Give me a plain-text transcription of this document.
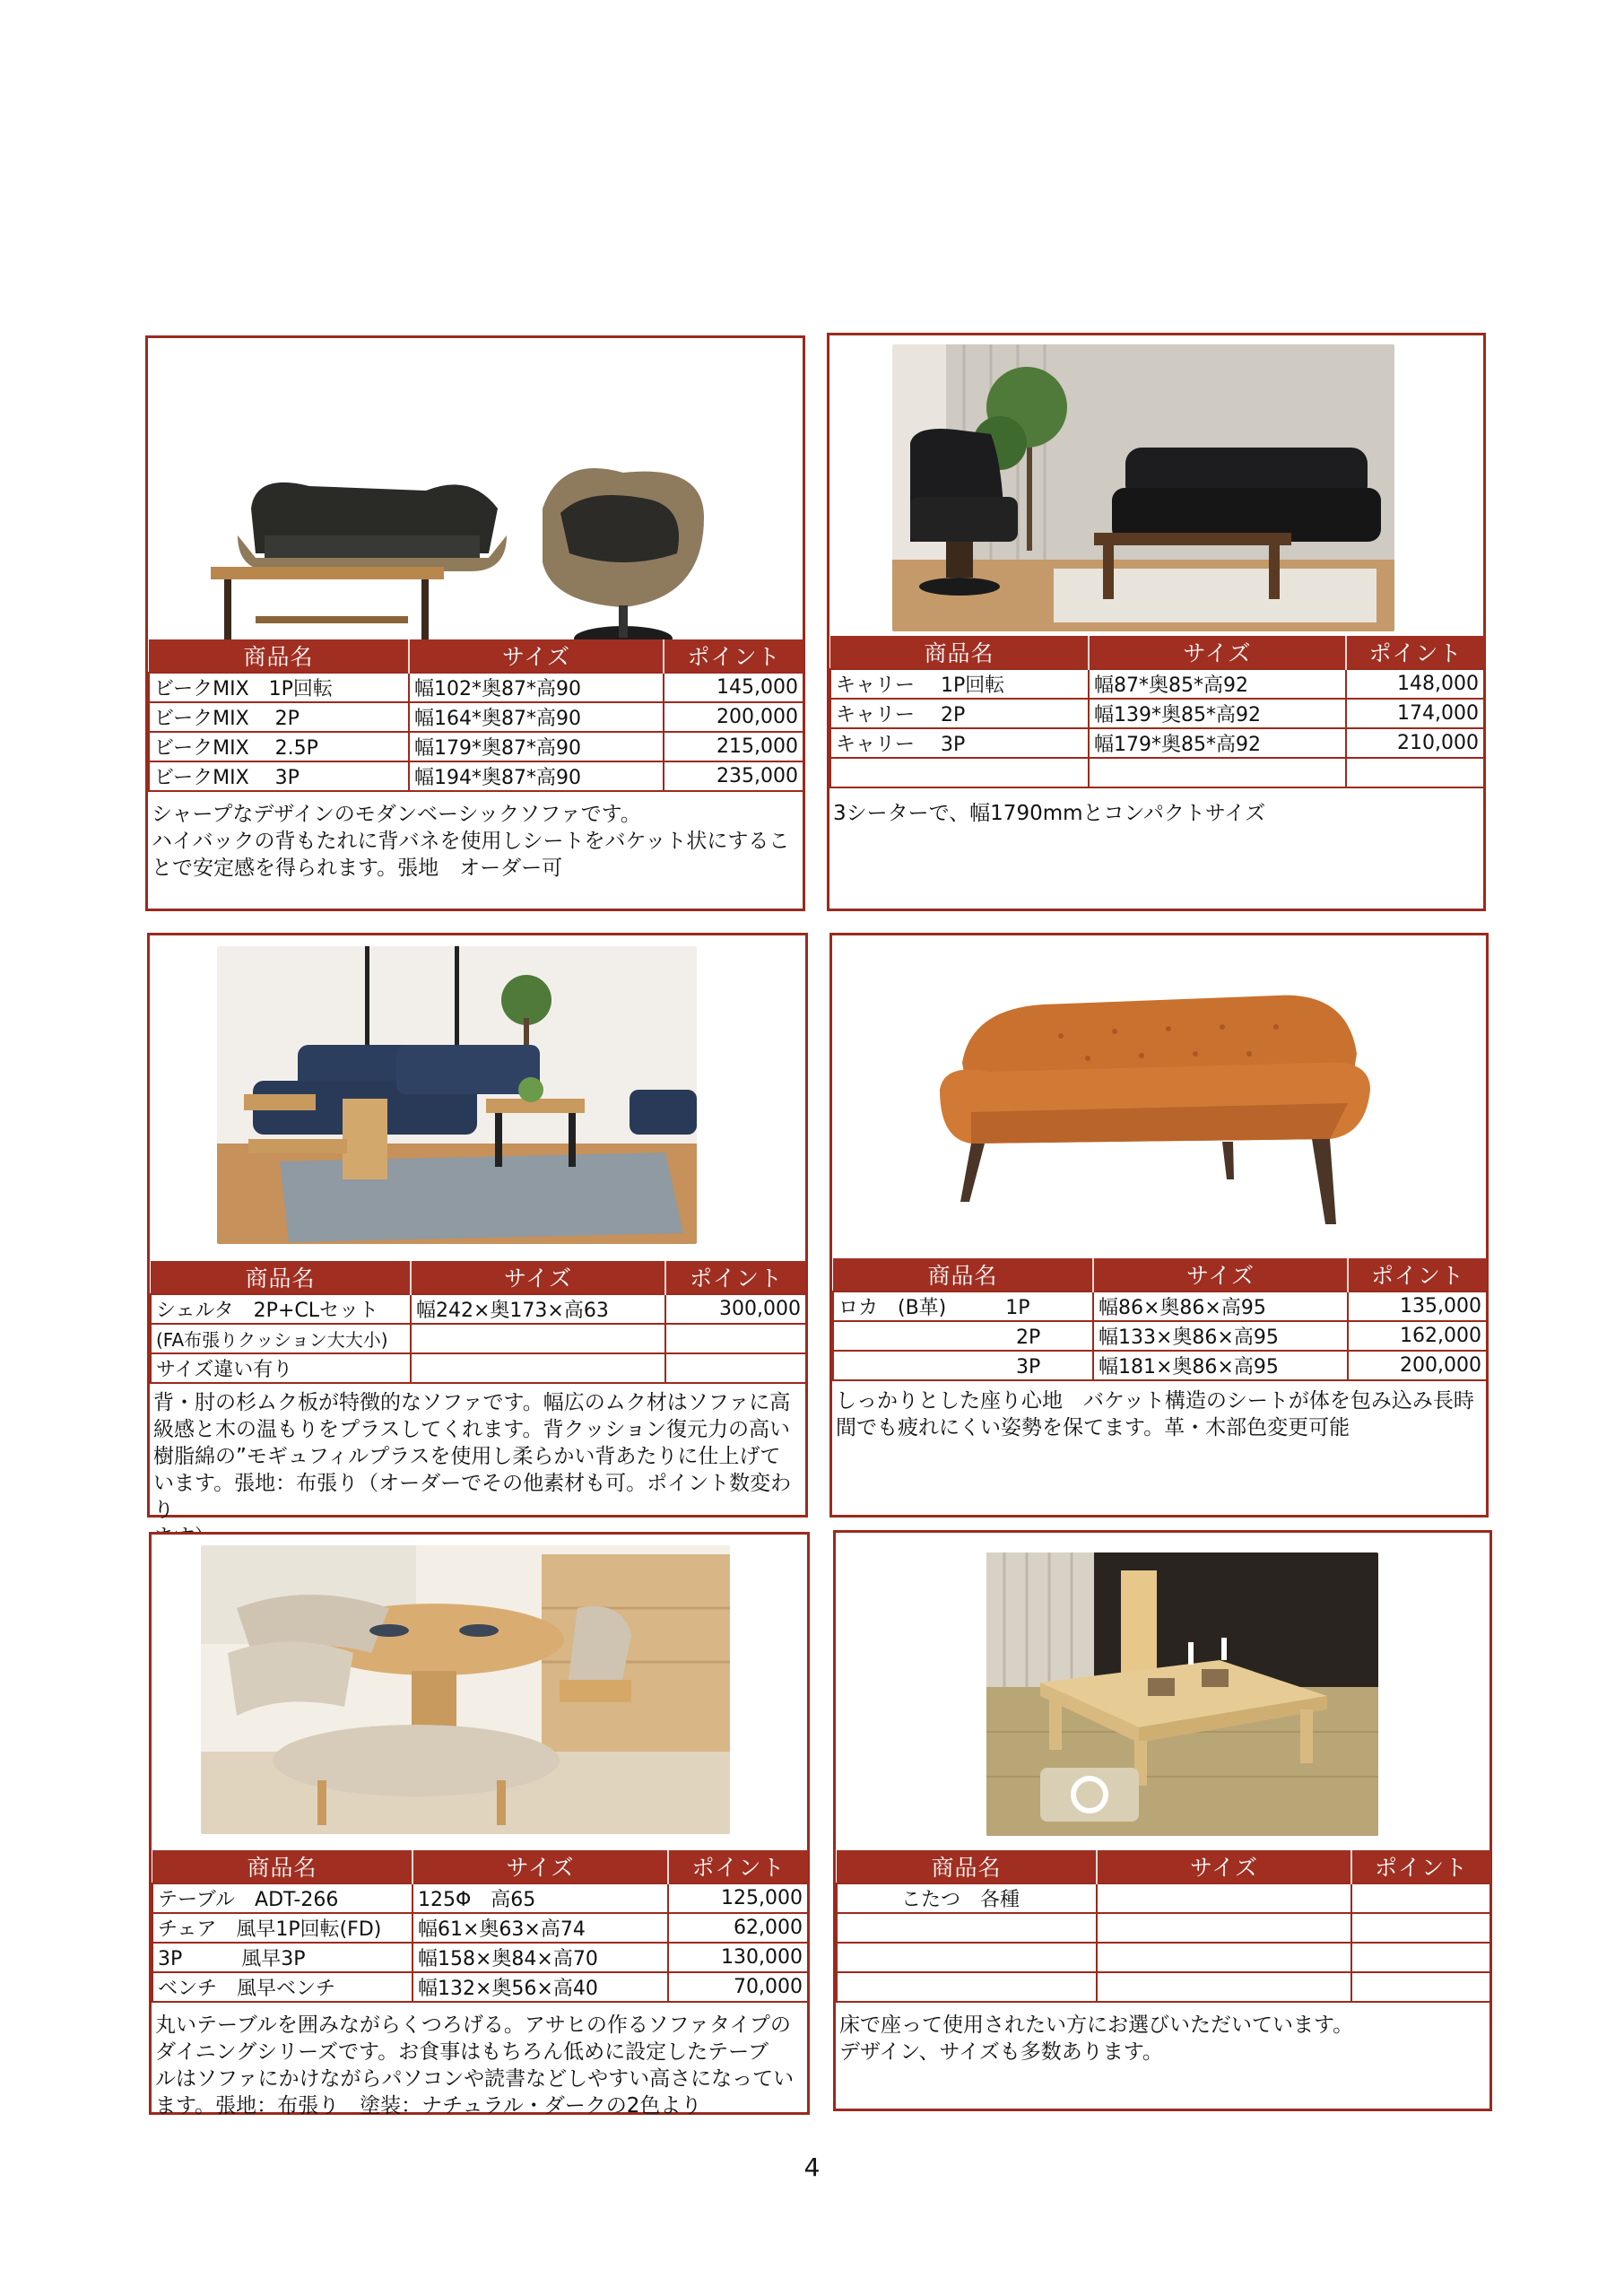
商品名	サイズ	ポイント
ビークMIX　1P回転	幅102*奥87*高90	145,000
ビークMIX　 2P	幅164*奥87*高90	200,000
ビークMIX　 2.5P	幅179*奥87*高90	215,000
ビークMIX　 3P	幅194*奥87*高90	235,000
シャープなデザインのモダンベーシックソファです。
ハイバックの背もたれに背バネを使用しシートをバケット状にするこ
とで安定感を得られます。張地　オーダー可
商品名	サイズ	ポイント
キャリー　 1P回転	幅87*奥85*高92	148,000
キャリー　 2P	幅139*奥85*高92	174,000
キャリー　 3P	幅179*奥85*高92	210,000

3シーターで、幅1790mmとコンパクトサイズ
商品名	サイズ	ポイント
シェルタ　2P+CLセット	幅242×奥173×高63	300,000
(FA布張りクッション大大小)		
サイズ違い有り		
背・肘の杉ムク板が特徴的なソファです。幅広のムク材はソファに高
級感と木の温もりをプラスしてくれます。背クッション復元力の高い
樹脂綿の”モギュフィルプラスを使用し柔らかい背あたりに仕上げて
います。張地：布張り（オーダーでその他素材も可。ポイント数変わり
商品名	サイズ	ポイント
ロカ　(B革)　　　1P	幅86×奥86×高95	135,000
　　　　　　　　　2P	幅133×奥86×高95	162,000
　　　　　　　　　3P	幅181×奥86×高95	200,000
しっかりとした座り心地　バケット構造のシートが体を包み込み長時
間でも疲れにくい姿勢を保てます。革・木部色変更可能
商品名	サイズ	ポイント
テーブル　ADT-266	125Φ　高65	125,000
チェア　風早1P回転(FD)	幅61×奥63×高74	62,000
3P　　　風早3P	幅158×奥84×高70	130,000
ベンチ　風早ベンチ	幅132×奥56×高40	70,000
丸いテーブルを囲みながらくつろげる。アサヒの作るソファタイプの
ダイニングシリーズです。お食事はもちろん低めに設定したテーブ
ルはソファにかけながらパソコンや読書などしやすい高さになってい
ます。張地：布張り　塗装：ナチュラル・ダークの2色より
商品名	サイズ	ポイント
　　　こたつ　各種		

床で座って使用されたい方にお選びいただいています。
デザイン、サイズも多数あります。
4
